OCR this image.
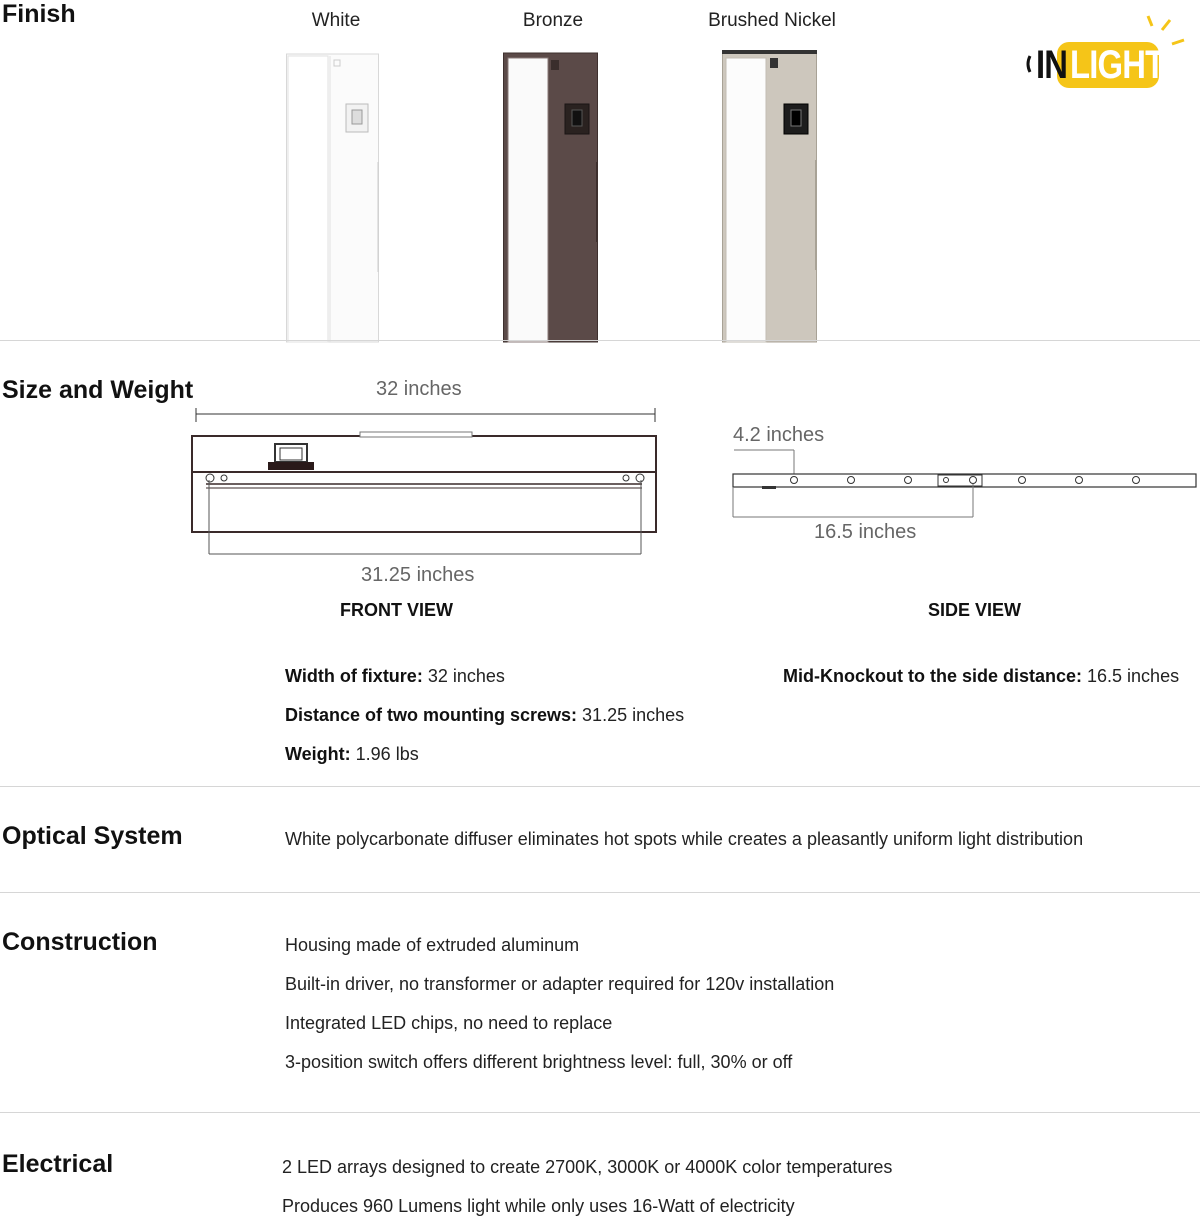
Finish	White	Bronze	Brushed Nickel
IN LIGHT
Size and Weight	32 inches
31.25 inches
FRONT VIEW
4.2 inches
16.5 inches
SIDE VIEW
Width of fixture: 32 inches
Distance of two mounting screws: 31.25 inches
Weight: 1.96 lbs
Mid-Knockout to the side distance: 16.5 inches
Optical System	White polycarbonate diffuser eliminates hot spots while creates a pleasantly uniform light distribution
Construction	Housing made of extruded aluminum
Built-in driver, no transformer or adapter required for 120v installation
Integrated LED chips, no need to replace
3-position switch offers different brightness level: full, 30% or off
Electrical	2 LED arrays designed to create 2700K, 3000K or 4000K color temperatures
Produces 960 Lumens light while only uses 16-Watt of electricity
